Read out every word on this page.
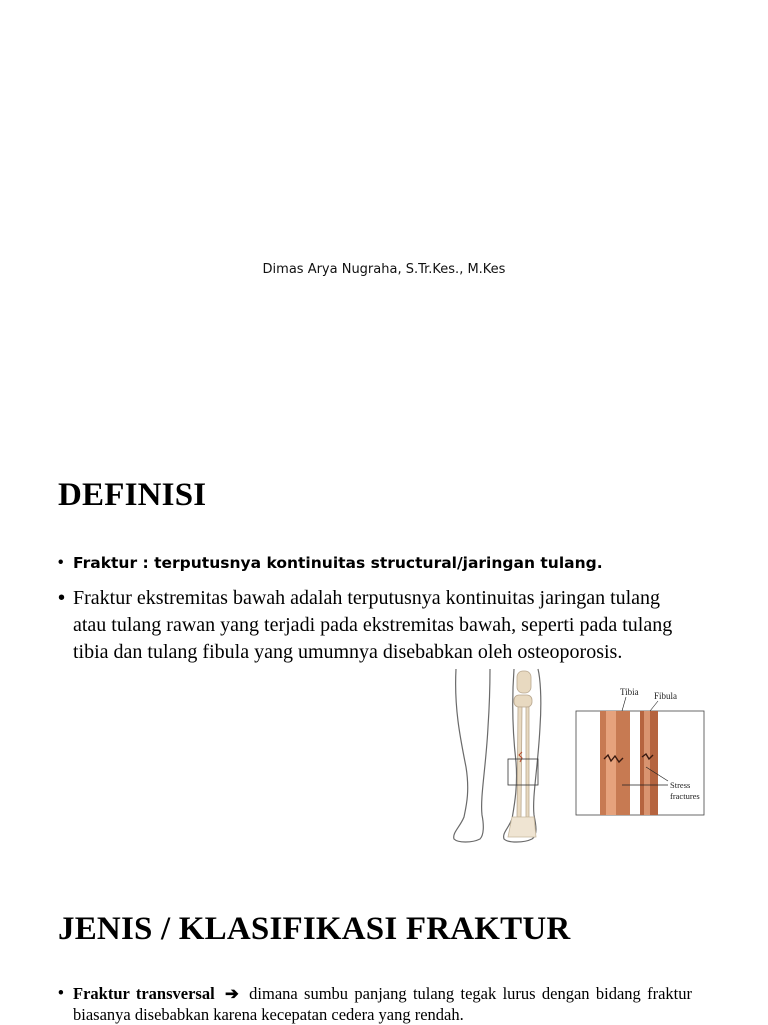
Dimas Arya Nugraha, S.Tr.Kes., M.Kes
DEFINISI
• Fraktur : terputusnya kontinuitas structural/jaringan tulang.
• Fraktur ekstremitas bawah adalah terputusnya kontinuitas jaringan tulang atau tulang rawan yang terjadi pada ekstremitas bawah, seperti pada tulang tibia dan tulang fibula yang umumnya disebabkan oleh osteoporosis.
Tibia Fibula
Stress
fractures
JENIS / KLASIFIKASI FRAKTUR
• Fraktur transversal ➔ dimana sumbu panjang tulang tegak lurus dengan bidang fraktur biasanya disebabkan karena kecepatan cedera yang rendah.
